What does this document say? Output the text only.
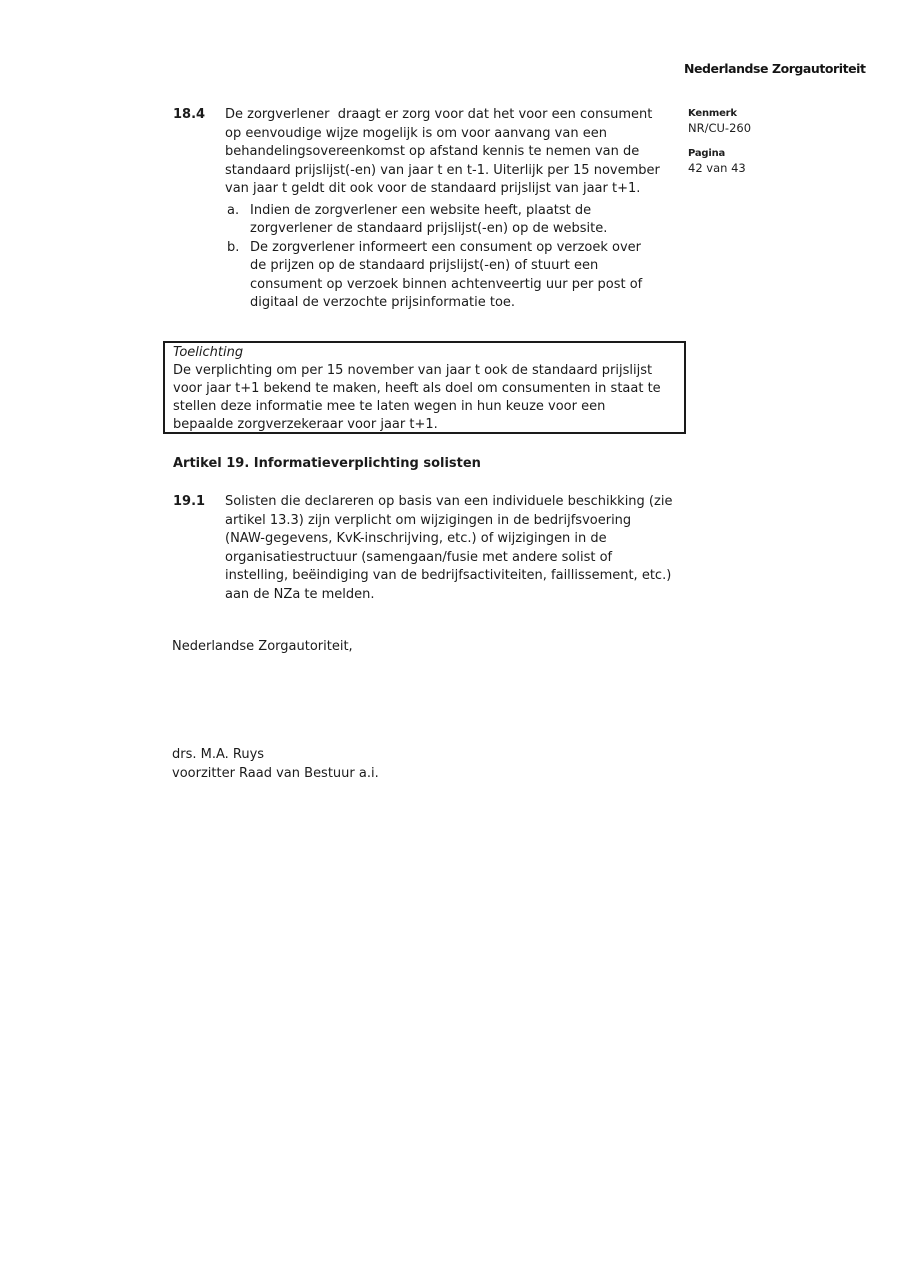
Nederlandse Zorgautoriteit
Kenmerk
NR/CU-260
Pagina
42 van 43
18.4	De zorgverlener  draagt er zorg voor dat het voor een consument op eenvoudige wijze mogelijk is om voor aanvang van een behandelingsovereenkomst op afstand kennis te nemen van de standaard prijslijst(-en) van jaar t en t-1. Uiterlijk per 15 november van jaar t geldt dit ook voor de standaard prijslijst van jaar t+1.
a. Indien de zorgverlener een website heeft, plaatst de zorgverlener de standaard prijslijst(-en) op de website.
b. De zorgverlener informeert een consument op verzoek over de prijzen op de standaard prijslijst(-en) of stuurt een consument op verzoek binnen achtenveertig uur per post of digitaal de verzochte prijsinformatie toe.
Toelichting
De verplichting om per 15 november van jaar t ook de standaard prijslijst voor jaar t+1 bekend te maken, heeft als doel om consumenten in staat te stellen deze informatie mee te laten wegen in hun keuze voor een bepaalde zorgverzekeraar voor jaar t+1.
Artikel 19. Informatieverplichting solisten
19.1	Solisten die declareren op basis van een individuele beschikking (zie artikel 13.3) zijn verplicht om wijzigingen in de bedrijfsvoering (NAW-gegevens, KvK-inschrijving, etc.) of wijzigingen in de organisatiestructuur (samengaan/fusie met andere solist of instelling, beëindiging van de bedrijfsactiviteiten, faillissement, etc.) aan de NZa te melden.
Nederlandse Zorgautoriteit,
drs. M.A. Ruys
voorzitter Raad van Bestuur a.i.
